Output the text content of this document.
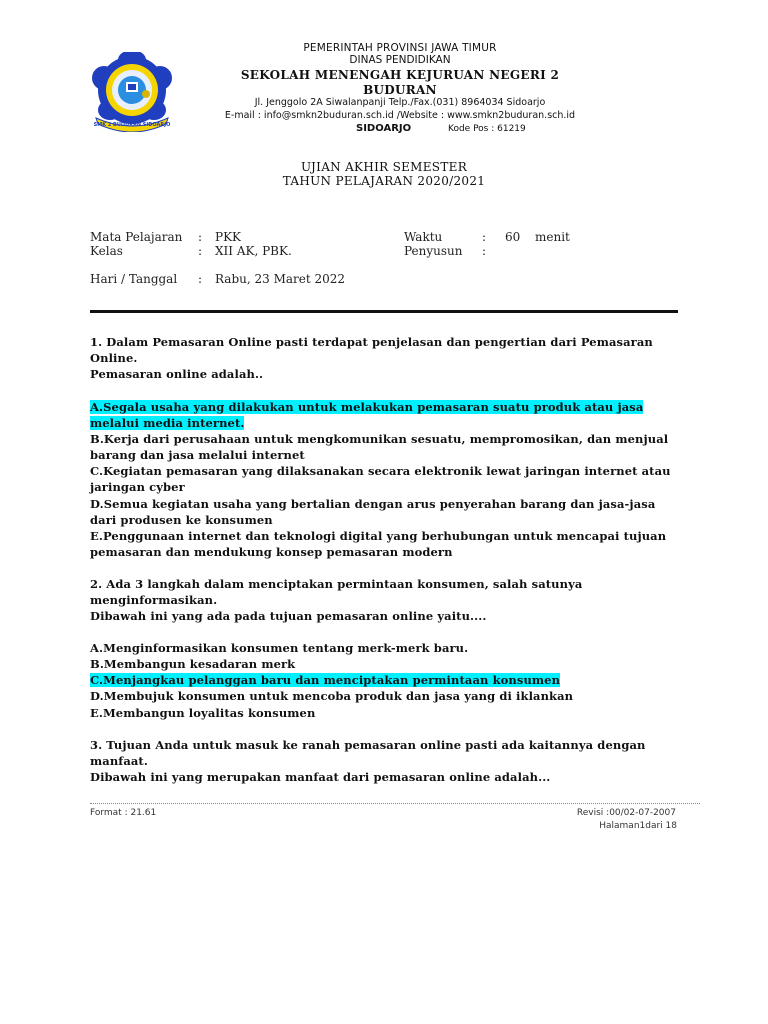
SMK 2 BUDURAN SIDOARJO
PEMERINTAH PROVINSI JAWA TIMUR
DINAS PENDIDIKAN
SEKOLAH MENENGAH KEJURUAN NEGERI 2
BUDURAN
Jl. Jenggolo 2A Siwalanpanji Telp./Fax.(031) 8964034 Sidoarjo
E-mail : info@smkn2buduran.sch.id /Website : www.smkn2buduran.sch.id
SIDOARJO	Kode Pos : 61219
UJIAN AKHIR SEMESTER
TAHUN PELAJARAN 2020/2021
Mata Pelajaran : PKK
Kelas	: XII AK, PBK.
Hari / Tanggal : Rabu, 23 Maret 2022
Waktu	: 60 menit
Penyusun :
1. Dalam Pemasaran Online pasti terdapat penjelasan dan pengertian dari Pemasaran
Online.
Pemasaran online adalah..
A.Segala usaha yang dilakukan untuk melakukan pemasaran suatu produk atau jasa
melalui media internet.
B.Kerja dari perusahaan untuk mengkomunikan sesuatu, mempromosikan, dan menjual
barang dan jasa melalui internet
C.Kegiatan pemasaran yang dilaksanakan secara elektronik lewat jaringan internet atau
jaringan cyber
D.Semua kegiatan usaha yang bertalian dengan arus penyerahan barang dan jasa-jasa
dari produsen ke konsumen
E.Penggunaan internet dan teknologi digital yang berhubungan untuk mencapai tujuan
pemasaran dan mendukung konsep pemasaran modern
2. Ada 3 langkah dalam menciptakan permintaan konsumen, salah satunya
menginformasikan.
Dibawah ini yang ada pada tujuan pemasaran online yaitu....
A.Menginformasikan konsumen tentang merk-merk baru.
B.Membangun kesadaran merk
C.Menjangkau pelanggan baru dan menciptakan permintaan konsumen
D.Membujuk konsumen untuk mencoba produk dan jasa yang di iklankan
E.Membangun loyalitas konsumen
3. Tujuan Anda untuk masuk ke ranah pemasaran online pasti ada kaitannya dengan
manfaat.
Dibawah ini yang merupakan manfaat dari pemasaran online adalah...
Format : 21.61	Revisi :00/02-07-2007
Halaman1dari 18
